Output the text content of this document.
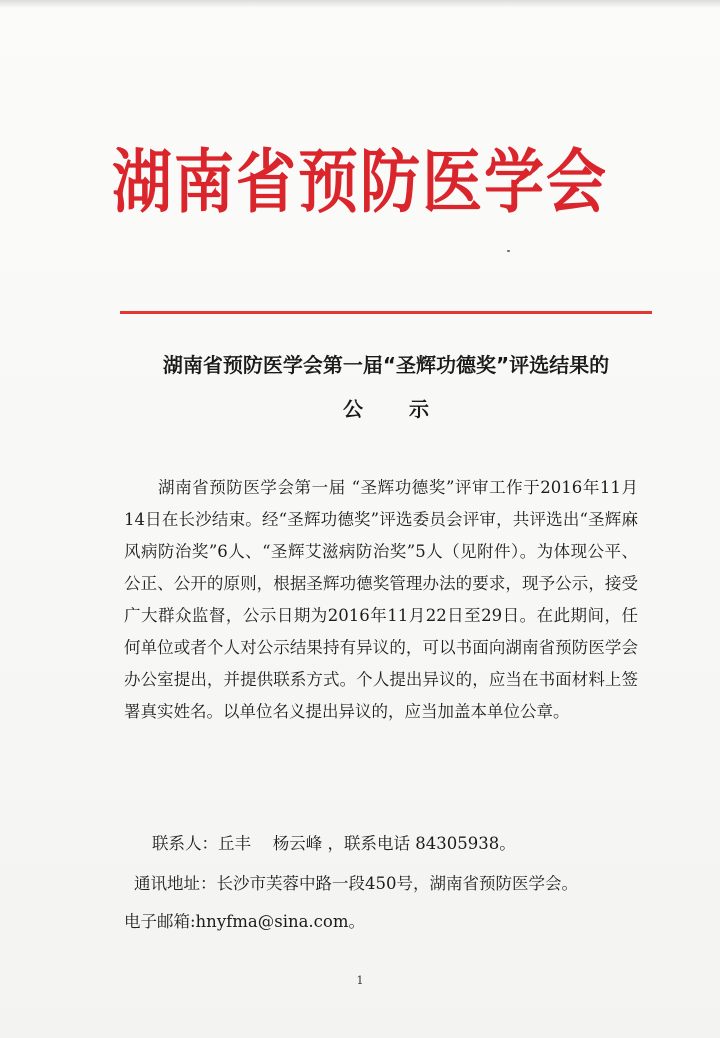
湖南省预防医学会
湖南省预防医学会第一届“圣辉功德奖”评选结果的
公示

湖南省预防医学会第一届 “圣辉功德奖”评审工作于2016年11月14日在长沙结束。经“圣辉功德奖”评选委员会评审，共评选出“圣辉麻风病防治奖”6人、“圣辉艾滋病防治奖”5人（见附件）。为体现公平、公正、公开的原则，根据圣辉功德奖管理办法的要求，现予公示，接受广大群众监督，公示日期为2016年11月22日至29日。在此期间，任何单位或者个人对公示结果持有异议的，可以书面向湖南省预防医学会办公室提出，并提供联系方式。个人提出异议的，应当在书面材料上签署真实姓名。以单位名义提出异议的，应当加盖本单位公章。

联系人：丘丰　 杨云峰 ，联系电话 84305938。
通讯地址：长沙市芙蓉中路一段450号，湖南省预防医学会。
电子邮箱:hnyfma@sina.com。
1
